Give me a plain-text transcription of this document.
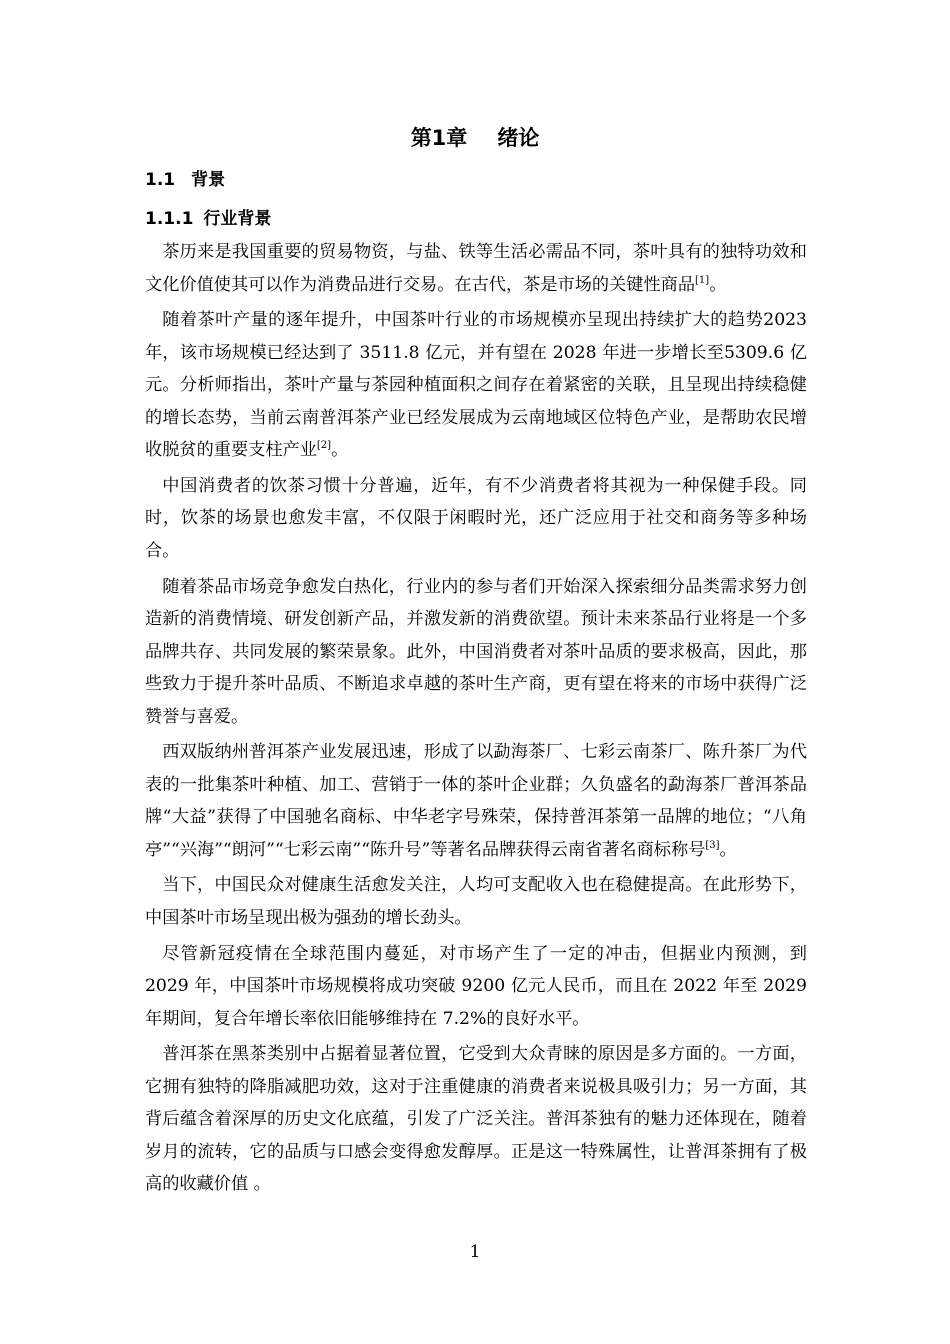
第1章 绪论
1.1 背景
1.1.1 行业背景

茶历来是我国重要的贸易物资，与盐、铁等生活必需品不同，茶叶具有的独特功效和文化价值使其可以作为消费品进行交易。在古代，茶是市场的关键性商品[1]。

随着茶叶产量的逐年提升，中国茶叶行业的市场规模亦呈现出持续扩大的趋势2023 年，该市场规模已经达到了 3511.8 亿元，并有望在 2028 年进一步增长至5309.6 亿元。分析师指出，茶叶产量与茶园种植面积之间存在着紧密的关联，且呈现出持续稳健的增长态势，当前云南普洱茶产业已经发展成为云南地域区位特色产业，是帮助农民增收脱贫的重要支柱产业[2]。

中国消费者的饮茶习惯十分普遍，近年，有不少消费者将其视为一种保健手段。同时，饮茶的场景也愈发丰富，不仅限于闲暇时光，还广泛应用于社交和商务等多种场合。

随着茶品市场竞争愈发白热化，行业内的参与者们开始深入探索细分品类需求努力创造新的消费情境、研发创新产品，并激发新的消费欲望。预计未来茶品行业将是一个多品牌共存、共同发展的繁荣景象。此外，中国消费者对茶叶品质的要求极高，因此，那些致力于提升茶叶品质、不断追求卓越的茶叶生产商，更有望在将来的市场中获得广泛赞誉与喜爱。

西双版纳州普洱茶产业发展迅速，形成了以勐海茶厂、七彩云南茶厂、陈升茶厂为代表的一批集茶叶种植、加工、营销于一体的茶叶企业群；久负盛名的勐海茶厂普洱茶品牌“大益”获得了中国驰名商标、中华老字号殊荣，保持普洱茶第一品牌的地位；“八角亭”“兴海”“朗河”“七彩云南”“陈升号”等著名品牌获得云南省著名商标称号[3]。

当下，中国民众对健康生活愈发关注，人均可支配收入也在稳健提高。在此形势下，中国茶叶市场呈现出极为强劲的增长劲头。

尽管新冠疫情在全球范围内蔓延，对市场产生了一定的冲击，但据业内预测，到2029 年，中国茶叶市场规模将成功突破 9200 亿元人民币，而且在 2022 年至 2029年期间，复合年增长率依旧能够维持在 7.2%的良好水平。

普洱茶在黑茶类别中占据着显著位置，它受到大众青睐的原因是多方面的。一方面，它拥有独特的降脂减肥功效，这对于注重健康的消费者来说极具吸引力；另一方面，其背后蕴含着深厚的历史文化底蕴，引发了广泛关注。普洱茶独有的魅力还体现在，随着岁月的流转，它的品质与口感会变得愈发醇厚。正是这一特殊属性，让普洱茶拥有了极高的收藏价值 。

1
